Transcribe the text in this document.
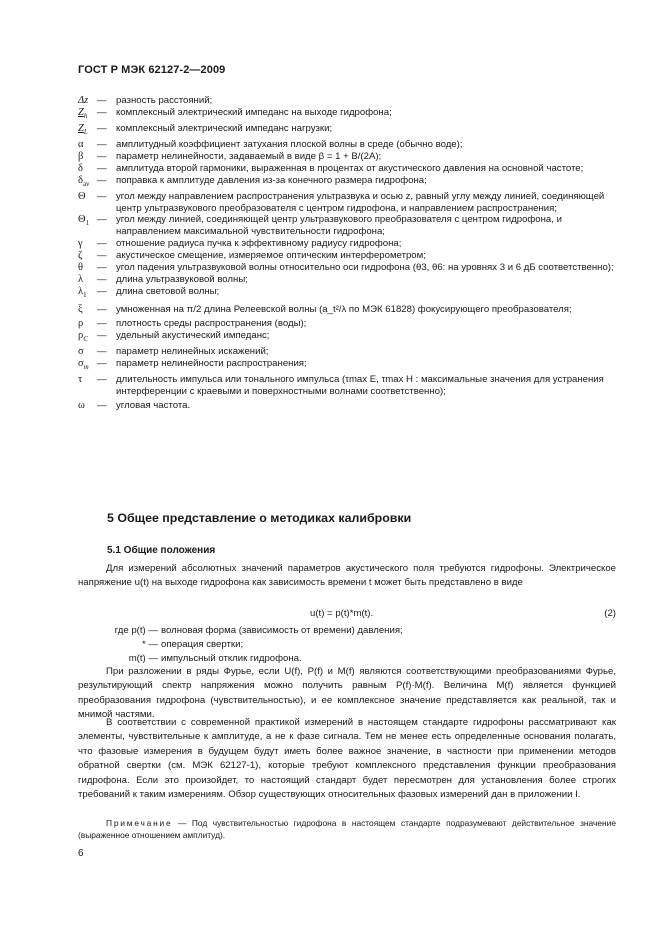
ГОСТ Р МЭК 62127-2—2009
Δz — разность расстояний;
$Z_h$	— комплексный электрический импеданс на выходе гидрофона;
$Z_L$ — комплексный электрический импеданс нагрузки;
α	— амплитудный коэффициент затухания плоской волны в среде (обычно воде);
β	— параметр нелинейности, задаваемый в виде β = 1 + B/(2A);
δ	— амплитуда второй гармоники, выраженная в процентах от акустического давления на основной частоте;
$\delta_{av}$ — поправка к амплитуде давления из-за конечного размера гидрофона;
Θ	— угол между направлением распространения ультразвука и осью z, равный углу между линией, соединяющей центр ультразвукового преобразователя с центром гидрофона, и направлением распространения;
$\Theta_1$ — угол между линией, соединяющей центр ультразвукового преобразователя с центром гидрофона, и направлением максимальной чувствительности гидрофона;
γ	— отношение радиуса пучка к эффективному радиусу гидрофона;
ζ	— акустическое смещение, измеряемое оптическим интерферометром;
θ	— угол падения ультразвуковой волны относительно оси гидрофона (θ3, θ6: на уровнях 3 и 6 дБ соответственно);
λ	— длина ультразвуковой волны;
$\lambda_1$	— длина световой волны;
ξ	— умноженная на π/2 длина Релеевской волны (a_t²/λ по МЭК 61828) фокусирующего преобразователя;
ρ	— плотность среды распространения (воды);
$\rho_C$ — удельный акустический импеданс;
σ	— параметр нелинейных искажений;
$\sigma_m$ — параметр нелинейности распространения;
τ	— длительность импульса или тонального импульса (τmax E, τmax H : максимальные значения для устранения интерференции с краевыми и поверхностными волнами соответственно);
ω	— угловая частота.
5 Общее представление о методиках калибровки
5.1 Общие положения
Для измерений абсолютных значений параметров акустического поля требуются гидрофоны. Электрическое напряжение u(t) на выходе гидрофона как зависимость времени t может быть представлено в виде
u(t) = p(t)*m(t).	(2)
где p(t) — волновая форма (зависимость от времени) давления;
* — операция свертки;
m(t) — импульсный отклик гидрофона.
При разложении в ряды Фурье, если U(f), P(f) и M(f) являются соответствующими преобразованиями Фурье, результирующий спектр напряжения можно получить равным P(f)·M(f). Величина M(f) является функцией преобразования гидрофона (чувствительностью), и ее комплексное значение представляется как реальной, так и мнимой частями.
В соответствии с современной практикой измерений в настоящем стандарте гидрофоны рассматривают как элементы, чувствительные к амплитуде, а не к фазе сигнала. Тем не менее есть определенные основания полагать, что фазовые измерения в будущем будут иметь более важное значение, в частности при применении методов обратной свертки (см. МЭК 62127-1), которые требуют комплексного представления функции преобразования гидрофона. Если это произойдет, то настоящий стандарт будет пересмотрен для установления более строгих требований к таким измерениям. Обзор существующих относительных фазовых измерений дан в приложении I.
Примечание — Под чувствительностью гидрофона в настоящем стандарте подразумевают действительное значение (выраженное отношением амплитуд).
6
